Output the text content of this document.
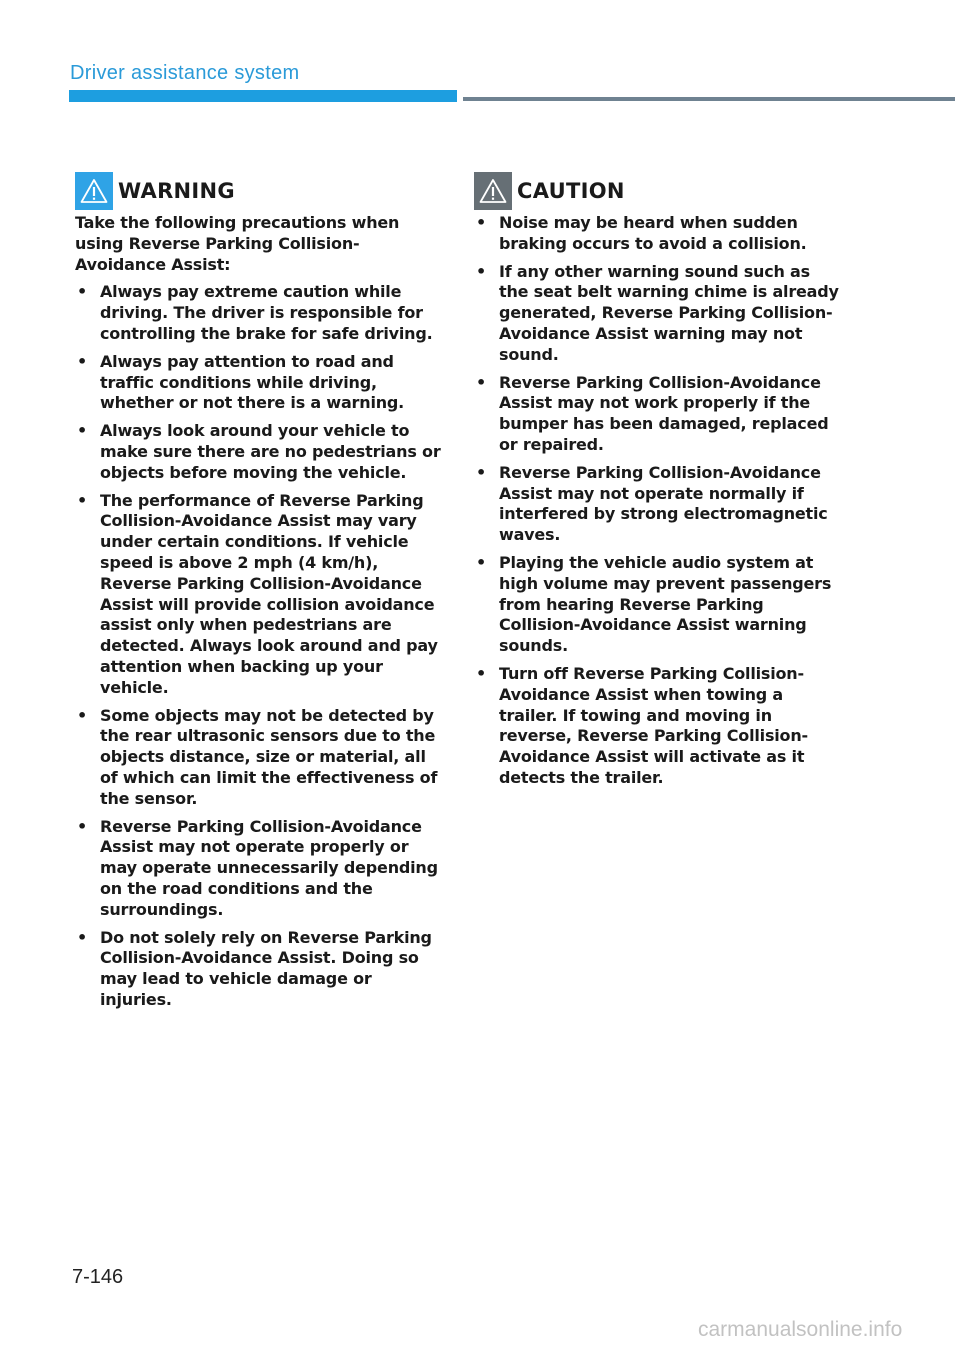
Driver assistance system
WARNING

Take the following precautions when using Reverse Parking Collision-Avoidance Assist:

• Always pay extreme caution while driving. The driver is responsible for controlling the brake for safe driving.
• Always pay attention to road and traffic conditions while driving, whether or not there is a warning.
• Always look around your vehicle to make sure there are no pedestrians or objects before moving the vehicle.
• The performance of Reverse Parking Collision-Avoidance Assist may vary under certain conditions. If vehicle speed is above 2 mph (4 km/h), Reverse Parking Collision-Avoidance Assist will provide collision avoidance assist only when pedestrians are detected. Always look around and pay attention when backing up your vehicle.
• Some objects may not be detected by the rear ultrasonic sensors due to the objects distance, size or material, all of which can limit the effectiveness of the sensor.
• Reverse Parking Collision-Avoidance Assist may not operate properly or may operate unnecessarily depending on the road conditions and the surroundings.
• Do not solely rely on Reverse Parking Collision-Avoidance Assist. Doing so may lead to vehicle damage or injuries.
CAUTION
• Noise may be heard when sudden braking occurs to avoid a collision.
• If any other warning sound such as the seat belt warning chime is already generated, Reverse Parking Collision-Avoidance Assist warning may not sound.
• Reverse Parking Collision-Avoidance Assist may not work properly if the bumper has been damaged, replaced or repaired.
• Reverse Parking Collision-Avoidance Assist may not operate normally if interfered by strong electromagnetic waves.
• Playing the vehicle audio system at high volume may prevent passengers from hearing Reverse Parking Collision-Avoidance Assist warning sounds.
• Turn off Reverse Parking Collision-Avoidance Assist when towing a trailer. If towing and moving in reverse, Reverse Parking Collision-Avoidance Assist will activate as it detects the trailer.
7-146
carmanualsonline.info
